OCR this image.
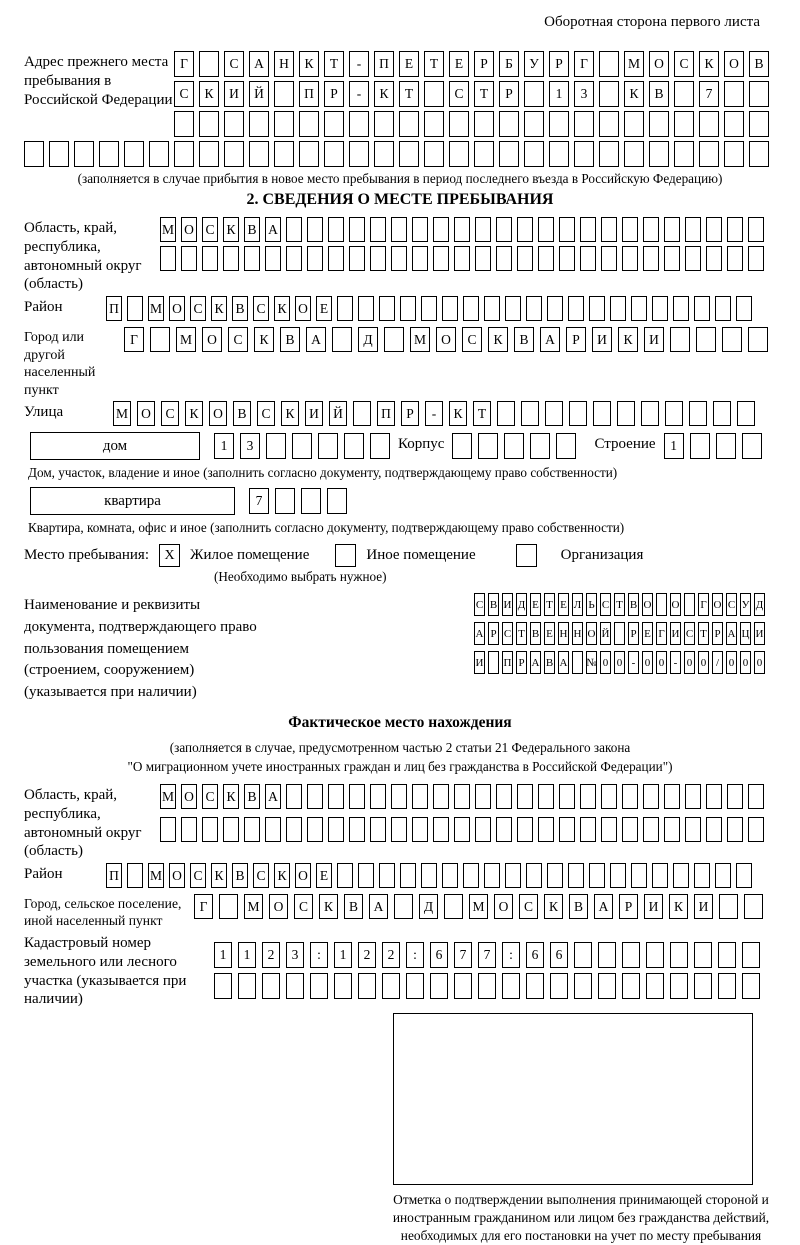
Оборотная сторона первого листа
Адрес прежнего места пребывания в Российской Федерации
Г	С	А	Н	К	Т	-	П	Е	Т	Е	Р	Б	У	Р	Г	М	О	С	К	О	В
С	К	И	Й	П	Р	-	К	Т	С	Т	Р	1	3	К	В	7
(заполняется в случае прибытия в новое место пребывания в период последнего въезда в Российскую Федерацию)
2. СВЕДЕНИЯ О МЕСТЕ ПРЕБЫВАНИЯ
Область, край, республика, автономный округ (область)
М О С К В А
Район	П М О С К В С К О Е
Город или другой населенный пункт
Г	М	О	С	К	В	А	Д	М	О	С	К	В	А	Р	И	К	И
Улица	М О	С	К	О	В	С	К	И	Й	П	Р	-	К	Т
дом	1	3	Корпус	Строение	1
Дом, участок, владение и иное (заполнить согласно документу, подтверждающему право собственности)
квартира	7
Квартира, комната, офис и иное (заполнить согласно документу, подтверждающему право собственности)
Место пребывания:	X	Жилое помещение	Иное помещение	Организация
(Необходимо выбрать нужное)
Наименование и реквизиты документа, подтверждающего право пользования помещением (строением, сооружением) (указывается при наличии)
С В И Д Е Т Е Л Ь С Т В О О Г О С У Д
А Р С Т В Е Н Н О Й Р Е Г И С Т Р А Ц И
И П Р А В А № 0 0 - 0 0 - 0 0 / 0 0 0
Фактическое место нахождения
(заполняется в случае, предусмотренном частью 2 статьи 21 Федерального закона
"О миграционном учете иностранных граждан и лиц без гражданства в Российской Федерации")
Область, край, республика, автономный округ (область)
М О С К В А
Район	П М О С К В С К О Е
Город, сельское поселение, иной населенный пункт
Г	М	О	С	К	В	А	Д	М	О	С	К	В	А	Р	И	К	И
Кадастровый номер земельного или лесного участка (указывается при наличии)
1	1	2	3	:	1	2	2	:	6	7	7	:	6	6
Отметка о подтверждении выполнения принимающей стороной и иностранным гражданином или лицом без гражданства действий, необходимых для его постановки на учет по месту пребывания
